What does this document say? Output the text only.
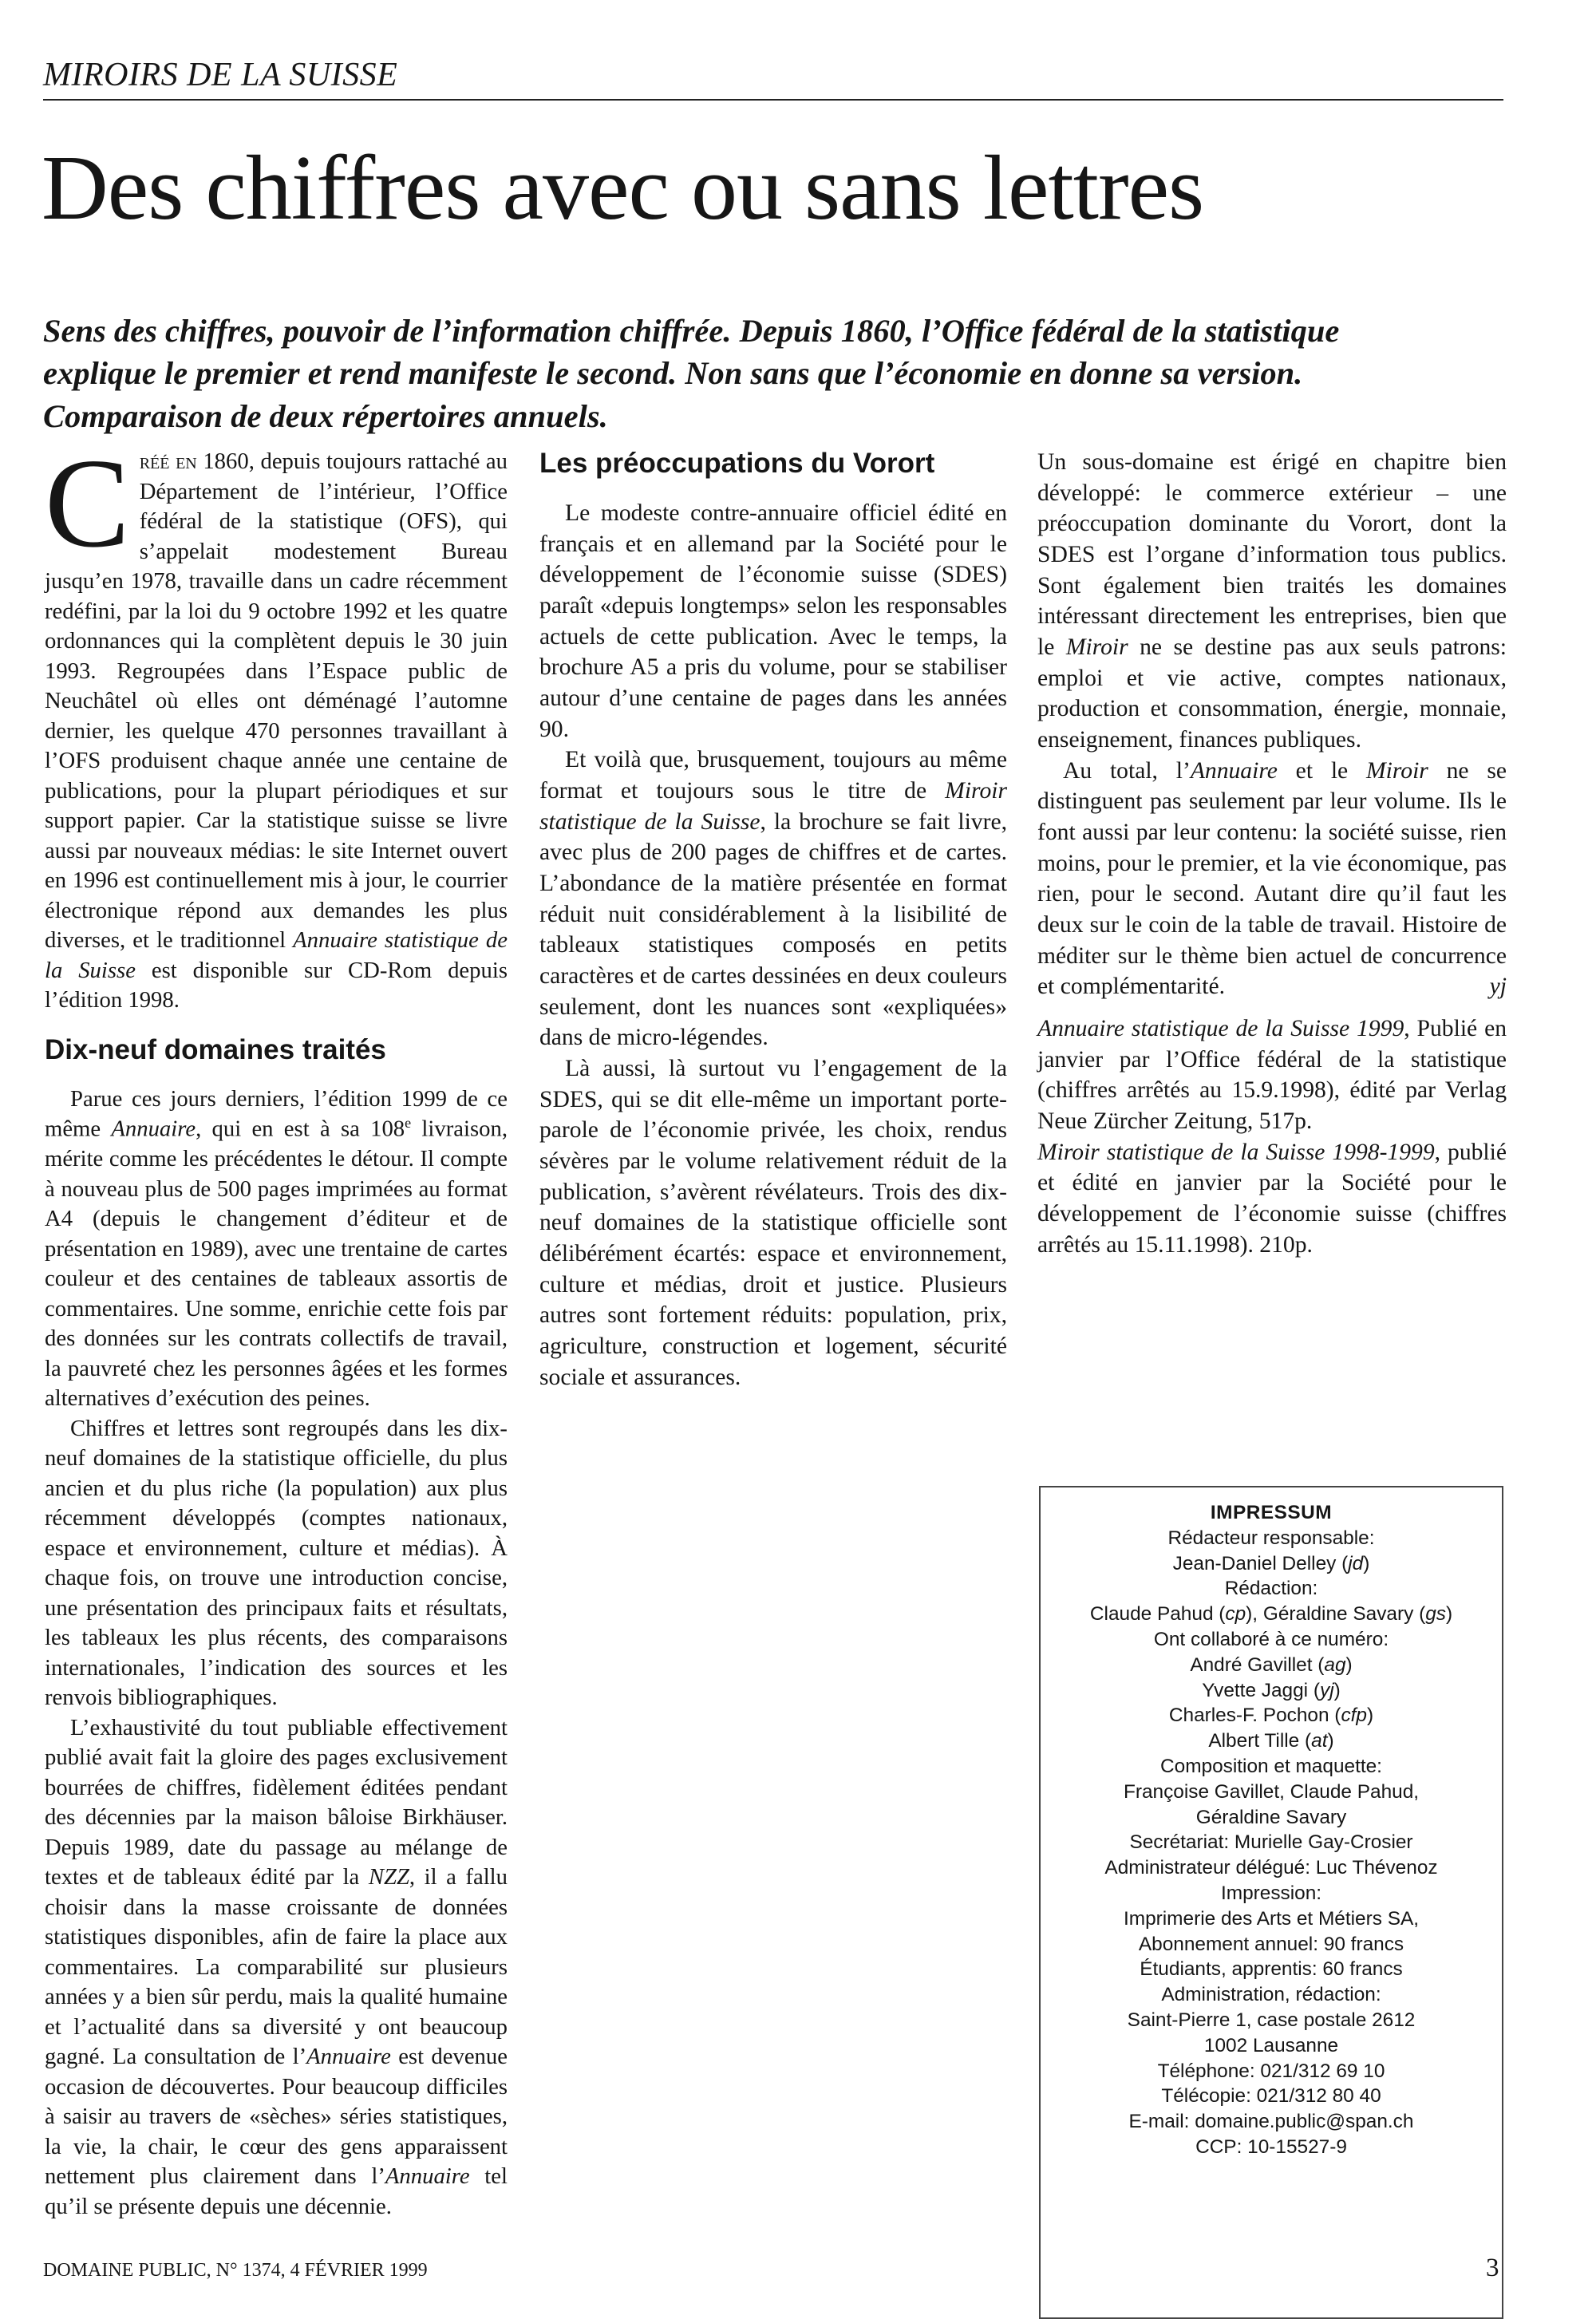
MIROIRS DE LA SUISSE
Des chiffres avec ou sans lettres
Sens des chiffres, pouvoir de l’information chiffrée. Depuis 1860, l’Office fédéral de la statistique explique le premier et rend manifeste le second. Non sans que l’économie en donne sa version. Comparaison de deux répertoires annuels.

Créé en 1860, depuis toujours rattaché au Département de l’intérieur, l’Office fédéral de la statistique (OFS), qui s’appelait modestement Bureau jusqu’en 1978, travaille dans un cadre récemment redéfini, par la loi du 9 octobre 1992 et les quatre ordonnances qui la complètent depuis le 30 juin 1993. Regroupées dans l’Espace public de Neuchâtel où elles ont déménagé l’automne dernier, les quelque 470 personnes travaillant à l’OFS produisent chaque année une centaine de publications, pour la plupart périodiques et sur support papier. Car la statistique suisse se livre aussi par nouveaux médias: le site Internet ouvert en 1996 est continuellement mis à jour, le courrier électronique répond aux demandes les plus diverses, et le traditionnel Annuaire statistique de la Suisse est disponible sur CD-Rom depuis l’édition 1998.

Dix-neuf domaines traités

Parue ces jours derniers, l’édition 1999 de ce même Annuaire, qui en est à sa 108e livraison, mérite comme les précédentes le détour. Il compte à nouveau plus de 500 pages imprimées au format A4 (depuis le changement d’éditeur et de présentation en 1989), avec une trentaine de cartes couleur et des centaines de tableaux assortis de commentaires. Une somme, enrichie cette fois par des données sur les contrats collectifs de travail, la pauvreté chez les personnes âgées et les formes alternatives d’exécution des peines.

Chiffres et lettres sont regroupés dans les dix-neuf domaines de la statistique officielle, du plus ancien et du plus riche (la population) aux plus récemment développés (comptes nationaux, espace et environnement, culture et médias). À chaque fois, on trouve une introduction concise, une présentation des principaux faits et résultats, les tableaux les plus récents, des comparaisons internationales, l’indication des sources et les renvois bibliographiques.

L’exhaustivité du tout publiable effectivement publié avait fait la gloire des pages exclusivement bourrées de chiffres, fidèlement éditées pendant des décennies par la maison bâloise Birkhäuser. Depuis 1989, date du passage au mélange de textes et de tableaux édité par la NZZ, il a fallu choisir dans la masse croissante de données statistiques disponibles, afin de faire la place aux commentaires. La comparabilité sur plusieurs années y a bien sûr perdu, mais la qualité humaine et l’actualité dans sa diversité y ont beaucoup gagné. La consultation de l’Annuaire est devenue occasion de découvertes. Pour beaucoup difficiles à saisir au travers de «sèches» séries statistiques, la vie, la chair, le cœur des gens apparaissent nettement plus clairement dans l’Annuaire tel qu’il se présente depuis une décennie.

Les préoccupations du Vorort

Le modeste contre-annuaire officiel édité en français et en allemand par la Société pour le développement de l’économie suisse (SDES) paraît «depuis longtemps» selon les responsables actuels de cette publication. Avec le temps, la brochure A5 a pris du volume, pour se stabiliser autour d’une centaine de pages dans les années 90.

Et voilà que, brusquement, toujours au même format et toujours sous le titre de Miroir statistique de la Suisse, la brochure se fait livre, avec plus de 200 pages de chiffres et de cartes. L’abondance de la matière présentée en format réduit nuit considérablement à la lisibilité de tableaux statistiques composés en petits caractères et de cartes dessinées en deux couleurs seulement, dont les nuances sont «expliquées» dans de micro-légendes.

Là aussi, là surtout vu l’engagement de la SDES, qui se dit elle-même un important porte-parole de l’économie privée, les choix, rendus sévères par le volume relativement réduit de la publication, s’avèrent révélateurs. Trois des dix-neuf domaines de la statistique officielle sont délibérément écartés: espace et environnement, culture et médias, droit et justice. Plusieurs autres sont fortement réduits: population, prix, agriculture, construction et logement, sécurité sociale et assurances.

Un sous-domaine est érigé en chapitre bien développé: le commerce extérieur – une préoccupation dominante du Vorort, dont la SDES est l’organe d’information tous publics. Sont également bien traités les domaines intéressant directement les entreprises, bien que le Miroir ne se destine pas aux seuls patrons: emploi et vie active, comptes nationaux, production et consommation, énergie, monnaie, enseignement, finances publiques.

Au total, l’Annuaire et le Miroir ne se distinguent pas seulement par leur volume. Ils le font aussi par leur contenu: la société suisse, rien moins, pour le premier, et la vie économique, pas rien, pour le second. Autant dire qu’il faut les deux sur le coin de la table de travail. Histoire de méditer sur le thème bien actuel de concurrence et complémentarité.	yj

Annuaire statistique de la Suisse 1999, Publié en janvier par l’Office fédéral de la statistique (chiffres arrêtés au 15.9.1998), édité par Verlag Neue Zürcher Zeitung, 517p.

Miroir statistique de la Suisse 1998-1999, publié et édité en janvier par la Société pour le développement de l’économie suisse (chiffres arrêtés au 15.11.1998). 210p.

IMPRESSUM
Rédacteur responsable:
Jean-Daniel Delley (jd)
Rédaction:
Claude Pahud (cp), Géraldine Savary (gs)
Ont collaboré à ce numéro:
André Gavillet (ag)
Yvette Jaggi (yj)
Charles-F. Pochon (cfp)
Albert Tille (at)
Composition et maquette:
Françoise Gavillet, Claude Pahud,
Géraldine Savary
Secrétariat: Murielle Gay-Crosier
Administrateur délégué: Luc Thévenoz
Impression:
Imprimerie des Arts et Métiers SA,
Abonnement annuel: 90 francs
Étudiants, apprentis: 60 francs
Administration, rédaction:
Saint-Pierre 1, case postale 2612
1002 Lausanne
Téléphone: 021/312 69 10
Télécopie: 021/312 80 40
E-mail: domaine.public@span.ch
CCP: 10-15527-9
DOMAINE PUBLIC, N° 1374, 4 FÉVRIER 1999	3
